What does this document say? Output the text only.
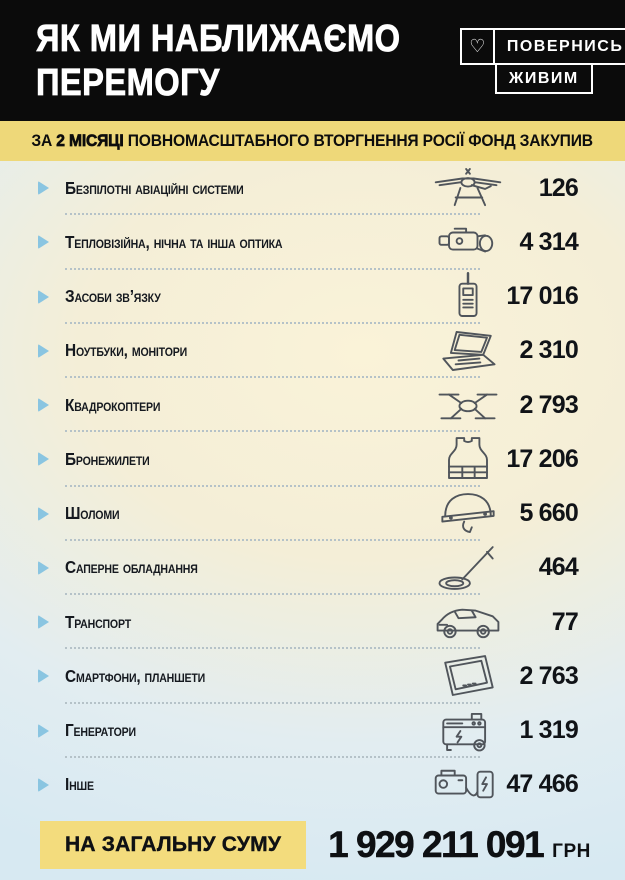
ЯК МИ НАБЛИЖАЄМО
ПЕРЕМОГУ
♡	ПОВЕРНИСЬ
ЖИВИМ
ЗА 2 МІСЯЦІ ПОВНОМАСШТАБНОГО ВТОРГНЕННЯ РОСІЇ ФОНД ЗАКУПИВ
Безпілотні авіаційні системи	126
Тепловізійна, нічна та інша оптика	4 314
Засоби зв’язку	17 016
Ноутбуки, монітори	2 310
Квадрокоптери	2 793
Бронежилети	17 206
Шоломи	5 660
Саперне обладнання	464
Транспорт	77
Смартфони, планшети	2 763
Генератори	1 319
Інше	47 466
НА ЗАГАЛЬНУ СУМУ	1 929 211 091 ГРН
